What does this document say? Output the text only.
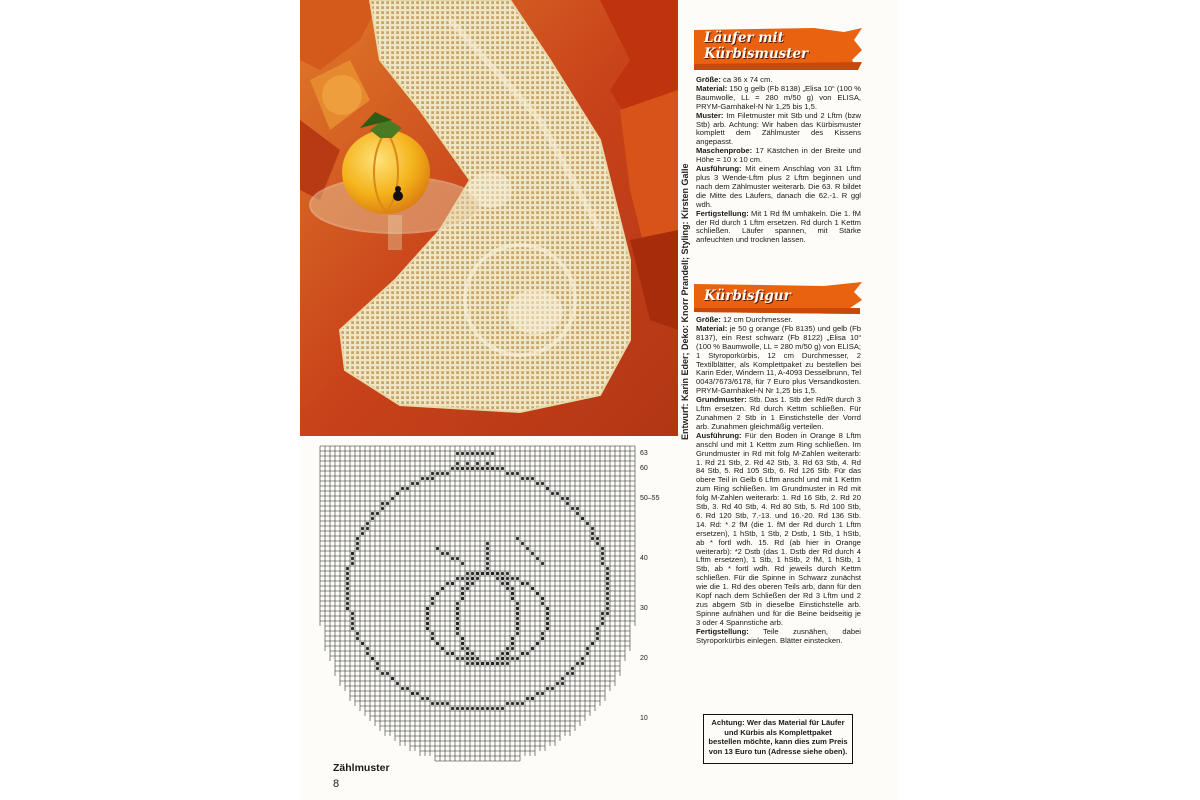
Entwurf: Karin Eder; Deko: Knorr Prandell; Styling: Kirsten Galle
63
60
50–55
40
30
20
10
Zählmuster
8
Läufer mit
Kürbismuster

Größe: ca 36 x 74 cm.

Material: 150 g gelb (Fb 8138) „Elisa 10“ (100 % Baumwolle, LL = 280 m/50 g) von ELISA, PRYM-Garnhäkel-N Nr 1,25 bis 1,5.

Muster: Im Filetmuster mit Stb und 2 Lftm (bzw Stb) arb. Achtung: Wir haben das Kürbismuster komplett dem Zählmuster des Kissens angepasst.

Maschenprobe: 17 Kästchen in der Breite und Höhe = 10 x 10 cm.

Ausführung: Mit einem Anschlag von 31 Lftm plus 3 Wende-Lftm plus 2 Lftm beginnen und nach dem Zählmuster weiterarb. Die 63. R bildet die Mitte des Läufers, danach die 62.-1. R ggl wdh.

Fertigstellung: Mit 1 Rd fM umhäkeln. Die 1. fM der Rd durch 1 Lftm ersetzen. Rd durch 1 Kettm schließen. Läufer spannen, mit Stärke anfeuchten und trocknen lassen.

Kürbisfigur

Größe: 12 cm Durchmesser.

Material: je 50 g orange (Fb 8135) und gelb (Fb 8137), ein Rest schwarz (Fb 8122) „Elisa 10“ (100 % Baumwolle, LL = 280 m/50 g) von ELISA; 1 Styroporkürbis, 12 cm Durchmesser, 2 Textilblätter, als Komplettpaket zu bestellen bei Karin Eder, Windern 11, A-4093 Desselbrunn, Tel 0043/7673/6178, für 7 Euro plus Versandkosten. PRYM-Garnhäkel-N Nr 1,25 bis 1,5.

Grundmuster: Stb. Das 1. Stb der Rd/R durch 3 Lftm ersetzen. Rd durch Kettm schließen. Für Zunahmen 2 Stb in 1 Einstichstelle der Vorrd arb. Zunahmen gleichmäßig verteilen.

Ausführung: Für den Boden in Orange 8 Lftm anschl und mit 1 Kettm zum Ring schließen. Im Grundmuster in Rd mit folg M-Zahlen weiterarb: 1. Rd 21 Stb, 2. Rd 42 Stb, 3. Rd 63 Stb, 4. Rd 84 Stb, 5. Rd 105 Stb, 6. Rd 126 Stb. Für das obere Teil in Gelb 6 Lftm anschl und mit 1 Kettm zum Ring schließen. Im Grundmuster in Rd mit folg M-Zahlen weiterarb: 1. Rd 16 Stb, 2. Rd 20 Stb, 3. Rd 40 Stb, 4. Rd 80 Stb, 5. Rd 100 Stb, 6. Rd 120 Stb, 7.-13. und 16.-20. Rd 136 Stb. 14. Rd: * 2 fM (die 1. fM der Rd durch 1 Lftm ersetzen), 1 hStb, 1 Stb, 2 Dstb, 1 Stb, 1 hStb, ab * fortl wdh. 15. Rd (ab hier in Orange weiterarb): *2 Dstb (das 1. Dstb der Rd durch 4 Lftm ersetzen), 1 Stb, 1 hStb, 2 fM, 1 hStb, 1 Stb, ab * fortl wdh. Rd jeweils durch Kettm schließen. Für die Spinne in Schwarz zunächst wie die 1. Rd des oberen Teils arb, dann für den Kopf nach dem Schließen der Rd 3 Lftm und 2 zus abgem Stb in dieselbe Einstichstelle arb. Spinne aufnähen und für die Beine beidseitig je 3 oder 4 Spannstiche arb.

Fertigstellung: Teile zusnähen, dabei Styroporkürbis einlegen. Blätter einstecken.

Achtung: Wer das Material für Läufer und Kürbis als Komplettpaket bestellen möchte, kann dies zum Preis von 13 Euro tun (Adresse siehe oben).
